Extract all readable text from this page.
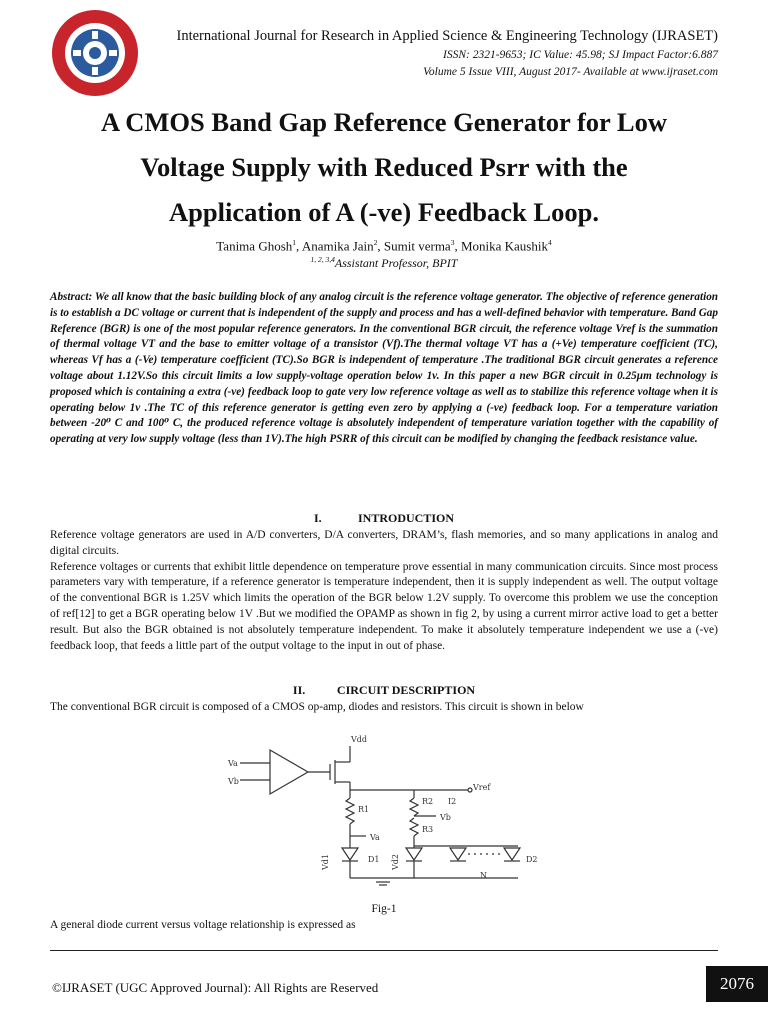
International Journal for Research in Applied Science & Engineering Technology (IJRASET)
ISSN: 2321-9653; IC Value: 45.98; SJ Impact Factor:6.887
Volume 5 Issue VIII, August 2017- Available at www.ijraset.com
A CMOS Band Gap Reference Generator for Low
Voltage Supply with Reduced Psrr with the
Application of A (-ve) Feedback Loop.
Tanima Ghosh$^1$, Anamika Jain$^2$, Sumit verma$^3$, Monika Kaushik$^4$
$^{1, 2, 3,4}$Assistant Professor, BPIT

Abstract: We all know that the basic building block of any analog circuit is the reference voltage generator. The objective of reference generation is to establish a DC voltage or current that is independent of the supply and process and has a well-defined behavior with temperature. Band Gap Reference (BGR) is one of the most popular reference generators. In the conventional BGR circuit, the reference voltage Vref is the summation of thermal voltage VT and the base to emitter voltage of a transistor (Vf).The thermal voltage VT has a (+Ve) temperature coefficient (TC), whereas Vf has a (-Ve) temperature coefficient (TC).So BGR is independent of temperature .The traditional BGR circuit generates a reference voltage about 1.12V.So this circuit limits a low supply-voltage operation below 1v. In this paper a new BGR circuit in 0.25µm technology is proposed which is containing a extra (-ve) feedback loop to gate very low reference voltage as well as to stabilize this reference voltage when it is operating below 1v .The TC of this reference generator is getting even zero by applying a (-ve) feedback loop. For a temperature variation between -20⁰ C and 100⁰ C, the produced reference voltage is absolutely independent of temperature variation together with the capability of operating at very low supply voltage (less than 1V).The high PSRR of this circuit can be modified by changing the feedback resistance value.

I.	INTRODUCTION

Reference voltage generators are used in A/D converters, D/A converters, DRAM’s, flash memories, and so many applications in analog and digital circuits.
Reference voltages or currents that exhibit little dependence on temperature prove essential in many communication circuits. Since most process parameters vary with temperature, if a reference generator is temperature independent, then it is supply independent as well. The output voltage of the conventional BGR is 1.25V which limits the operation of the BGR below 1.2V supply. To overcome this problem we use the conception of ref[12] to get a BGR operating below 1V .But we modified the OPAMP as shown in fig 2, by using a current mirror active load to get a better result. But also the BGR obtained is not absolutely temperature independent. To make it absolutely temperature independent we use a (-ve) feedback loop, that feeds a little part of the output voltage to the input in out of phase.

II.	CIRCUIT DESCRIPTION

The conventional BGR circuit is composed of a CMOS op-amp, diodes and resistors. This circuit is shown in below

Va
Vb
Vdd
Vref
R1
R2 I2
Vb
R3
Va
D1	D2
N
Vd1	Vd2
Fig-1

A general diode current versus voltage relationship is expressed as

©IJRASET (UGC Approved Journal): All Rights are Reserved	2076
